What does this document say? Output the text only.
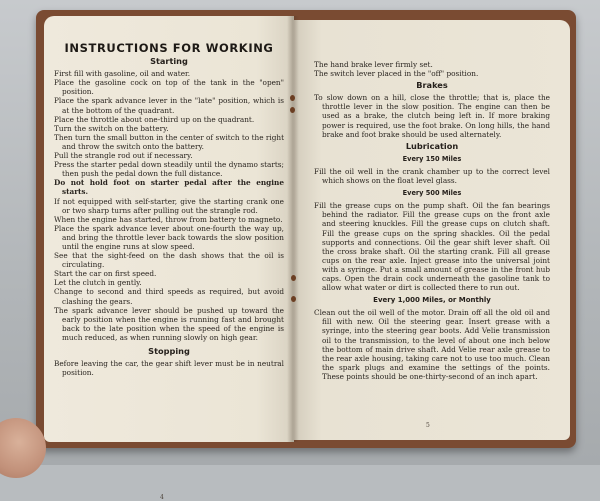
INSTRUCTIONS FOR WORKING
Starting

First fill with gasoline, oil and water.

Place the gasoline cock on top of the tank in the "open" position.

Place the spark advance lever in the "late" position, which is at the bottom of the quadrant.

Place the throttle about one-third up on the quadrant.

Turn the switch on the battery.

Then turn the small button in the center of switch to the right and throw the switch onto the battery.

Pull the strangle rod out if necessary.

Press the starter pedal down steadily until the dynamo starts; then push the pedal down the full distance.

Do not hold foot on starter pedal after the engine starts.

If not equipped with self-starter, give the starting crank one or two sharp turns after pulling out the strangle rod.

When the engine has started, throw from battery to magneto.

Place the spark advance lever about one-fourth the way up, and bring the throttle lever back towards the slow position until the engine runs at slow speed.

See that the sight-feed on the dash shows that the oil is circulating.

Start the car on first speed.

Let the clutch in gently.

Change to second and third speeds as required, but avoid clashing the gears.

The spark advance lever should be pushed up toward the early position when the engine is running fast and brought back to the late position when the speed of the engine is much reduced, as when running slowly on high gear.

Stopping

Before leaving the car, the gear shift lever must be in neutral position.

4

The hand brake lever firmly set.

The switch lever placed in the "off" position.

Brakes

To slow down on a hill, close the throttle; that is, place the throttle lever in the slow position. The engine can then be used as a brake, the clutch being left in. If more braking power is required, use the foot brake. On long hills, the hand brake and foot brake should be used alternately.

Lubrication
Every 150 Miles

Fill the oil well in the crank chamber up to the correct level which shows on the float level glass.

Every 500 Miles

Fill the grease cups on the pump shaft. Oil the fan bearings behind the radiator. Fill the grease cups on the front axle and steering knuckles. Fill the grease cups on clutch shaft. Fill the grease cups on the spring shackles. Oil the pedal supports and connections. Oil the gear shift lever shaft. Oil the cross brake shaft. Oil the starting crank. Fill all grease cups on the rear axle. Inject grease into the universal joint with a syringe. Put a small amount of grease in the front hub caps. Open the drain cock underneath the gasoline tank to allow what water or dirt is collected there to run out.

Every 1,000 Miles, or Monthly

Clean out the oil well of the motor. Drain off all the old oil and fill with new. Oil the steering gear. Insert grease with a syringe, into the steering gear boots. Add Velie transmission oil to the transmission, to the level of about one inch below the bottom of main drive shaft. Add Velie rear axle grease to the rear axle housing, taking care not to use too much. Clean the spark plugs and examine the settings of the points. These points should be one-thirty-second of an inch apart.

5
